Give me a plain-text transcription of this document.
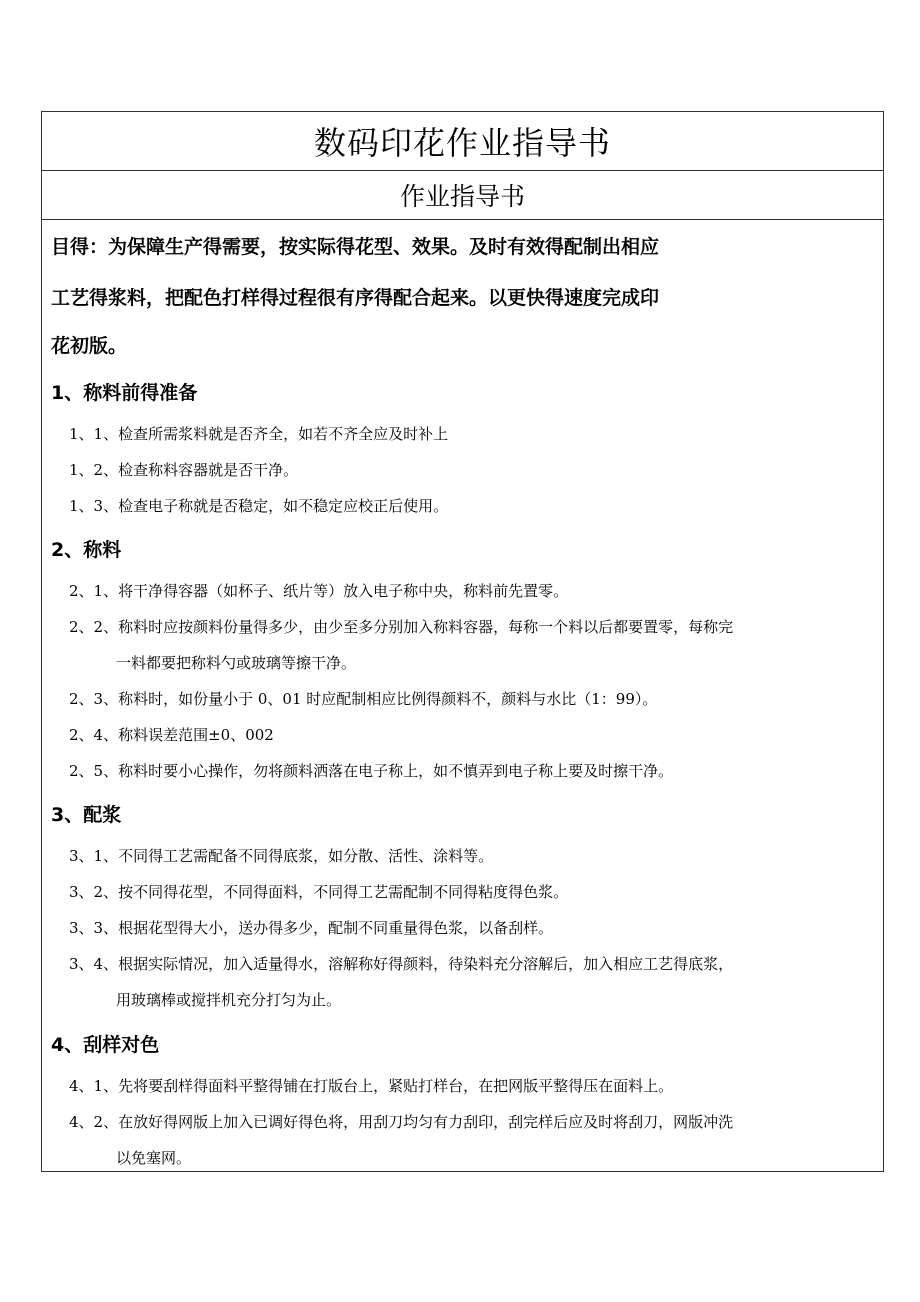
数码印花作业指导书
作业指导书
目得：为保障生产得需要，按实际得花型、效果。及时有效得配制出相应
工艺得浆料，把配色打样得过程很有序得配合起来。以更快得速度完成印
花初版。
1、称料前得准备
1、1、检查所需浆料就是否齐全，如若不齐全应及时补上
1、2、检查称料容器就是否干净。
1、3、检查电子称就是否稳定，如不稳定应校正后使用。
2、称料
2、1、将干净得容器（如杯子、纸片等）放入电子称中央，称料前先置零。
2、2、称料时应按颜料份量得多少，由少至多分别加入称料容器，每称一个料以后都要置零，每称完
一料都要把称料勺或玻璃等擦干净。
2、3、称料时，如份量小于 0、01 时应配制相应比例得颜料不，颜料与水比（1：99）。
2、4、称料误差范围±0、002
2、5、称料时要小心操作，勿将颜料洒落在电子称上，如不慎弄到电子称上要及时擦干净。
3、配浆
3、1、不同得工艺需配备不同得底浆，如分散、活性、涂料等。
3、2、按不同得花型，不同得面料，不同得工艺需配制不同得粘度得色浆。
3、3、根据花型得大小，送办得多少，配制不同重量得色浆，以备刮样。
3、4、根据实际情况，加入适量得水，溶解称好得颜料，待染料充分溶解后，加入相应工艺得底浆，
用玻璃棒或搅拌机充分打匀为止。
4、刮样对色
4、1、先将要刮样得面料平整得铺在打版台上，紧贴打样台，在把网版平整得压在面料上。
4、2、在放好得网版上加入已调好得色将，用刮刀均匀有力刮印，刮完样后应及时将刮刀，网版冲洗
以免塞网。
